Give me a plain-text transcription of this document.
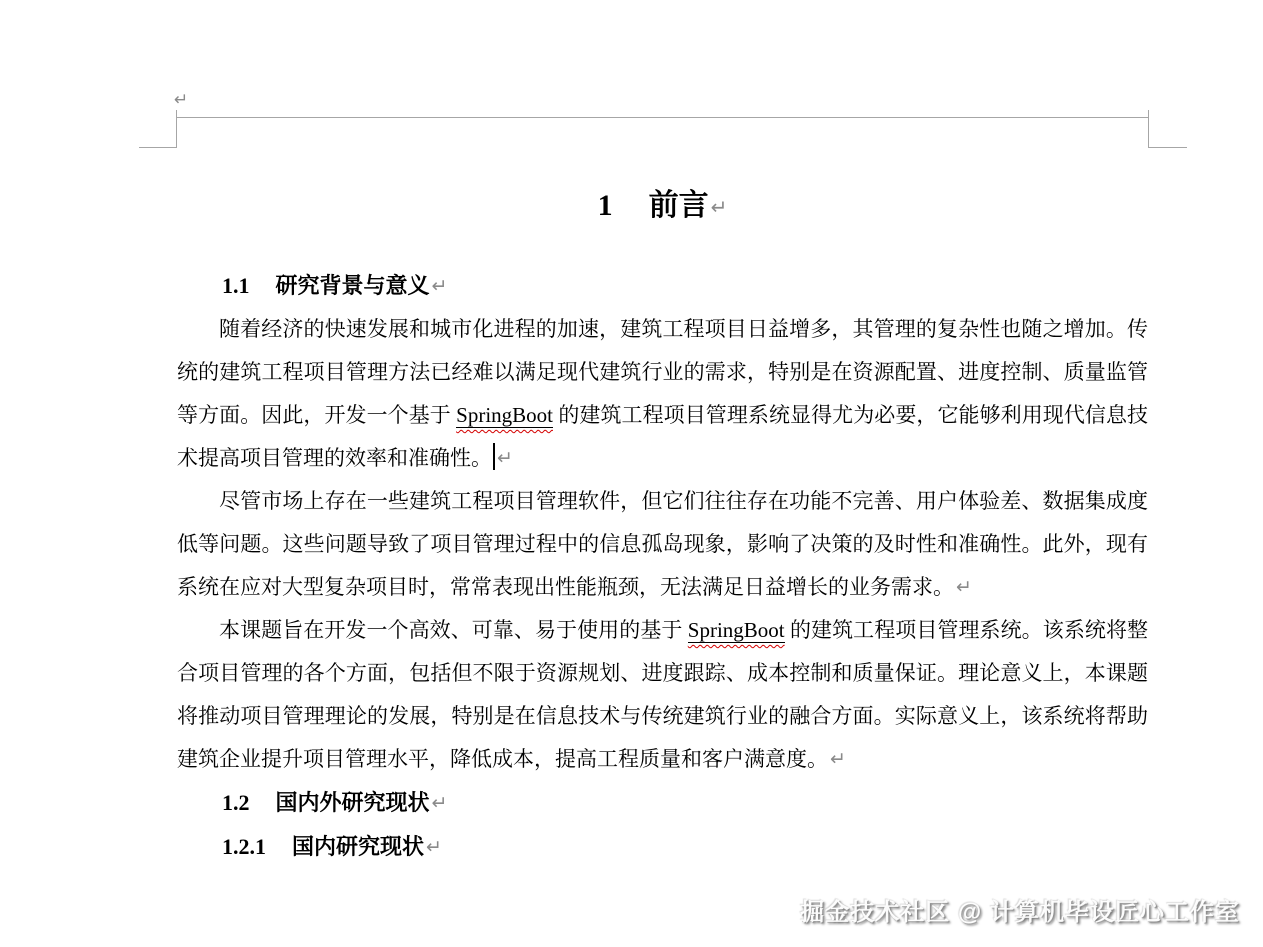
↵
1 前言 ↵
1.1 研究背景与意义 ↵

随着经济的快速发展和城市化进程的加速，建筑工程项目日益增多，其管理的复杂性也随之增加。传统的建筑工程项目管理方法已经难以满足现代建筑行业的需求，特别是在资源配置、进度控制、质量监管等方面。因此，开发一个基于 SpringBoot 的建筑工程项目管理系统显得尤为必要，它能够利用现代信息技术提高项目管理的效率和准确性。 ↵

尽管市场上存在一些建筑工程项目管理软件，但它们往往存在功能不完善、用户体验差、数据集成度低等问题。这些问题导致了项目管理过程中的信息孤岛现象，影响了决策的及时性和准确性。此外，现有系统在应对大型复杂项目时，常常表现出性能瓶颈，无法满足日益增长的业务需求。 ↵

本课题旨在开发一个高效、可靠、易于使用的基于 SpringBoot 的建筑工程项目管理系统。该系统将整合项目管理的各个方面，包括但不限于资源规划、进度跟踪、成本控制和质量保证。理论意义上，本课题将推动项目管理理论的发展，特别是在信息技术与传统建筑行业的融合方面。实际意义上，该系统将帮助建筑企业提升项目管理水平，降低成本，提高工程质量和客户满意度。 ↵

1.2 国内外研究现状 ↵
1.2.1 国内研究现状 ↵
掘金技术社区 @ 计算机毕设匠心工作室
